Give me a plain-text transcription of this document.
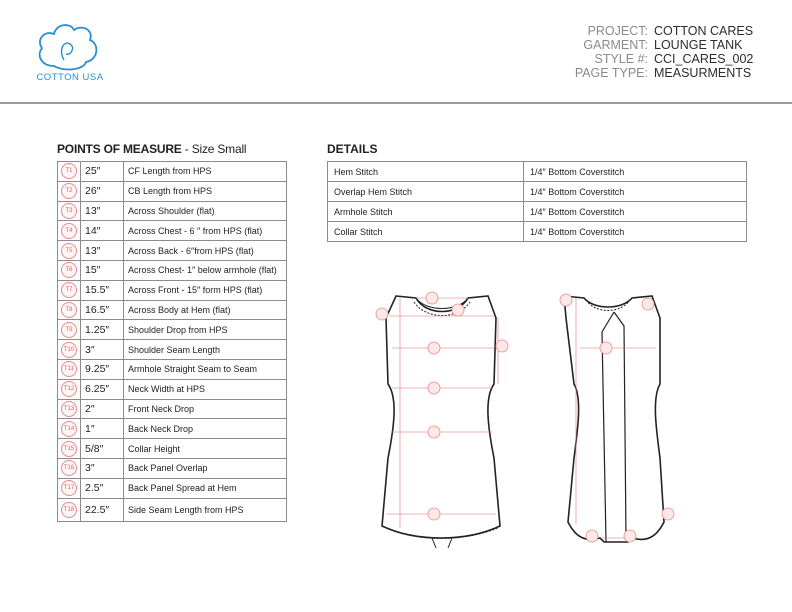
COTTON USA
PROJECT: COTTON CARES
GARMENT: LOUNGE TANK
STYLE #: CCI_CARES_002
PAGE TYPE: MEASURMENTS
POINTS OF MEASURE - Size Small
T1	25″	CF Length from HPS
T2	26″	CB Length from HPS
T3	13″	Across Shoulder (flat)
T4	14″	Across Chest - 6 ″ from HPS (flat)
T5	13″	Across Back - 6″from HPS (flat)
T6	15″	Across Chest- 1″ below armhole (flat)
T7	15.5″	Across Front - 15″ form HPS (flat)
T8	16.5″	Across Body at Hem (flat)
T9	1.25″	Shoulder Drop from HPS
T10	3″	Shoulder Seam Length
T11	9.25″	Armhole Straight Seam to Seam
T12	6.25″	Neck Width at HPS
T13	2″	Front Neck Drop
T14	1″	Back Neck Drop
T15	5/8″	Collar Height
T16	3″	Back Panel Overlap
T17	2.5″	Back Panel Spread at Hem
T18	22.5″	Side Seam Length from HPS
DETAILS
Hem Stitch	1/4″ Bottom Coverstitch
Overlap Hem Stitch	1/4″ Bottom Coverstitch
Armhole Stitch	1/4″ Bottom Coverstitch
Collar Stitch	1/4″ Bottom Coverstitch
